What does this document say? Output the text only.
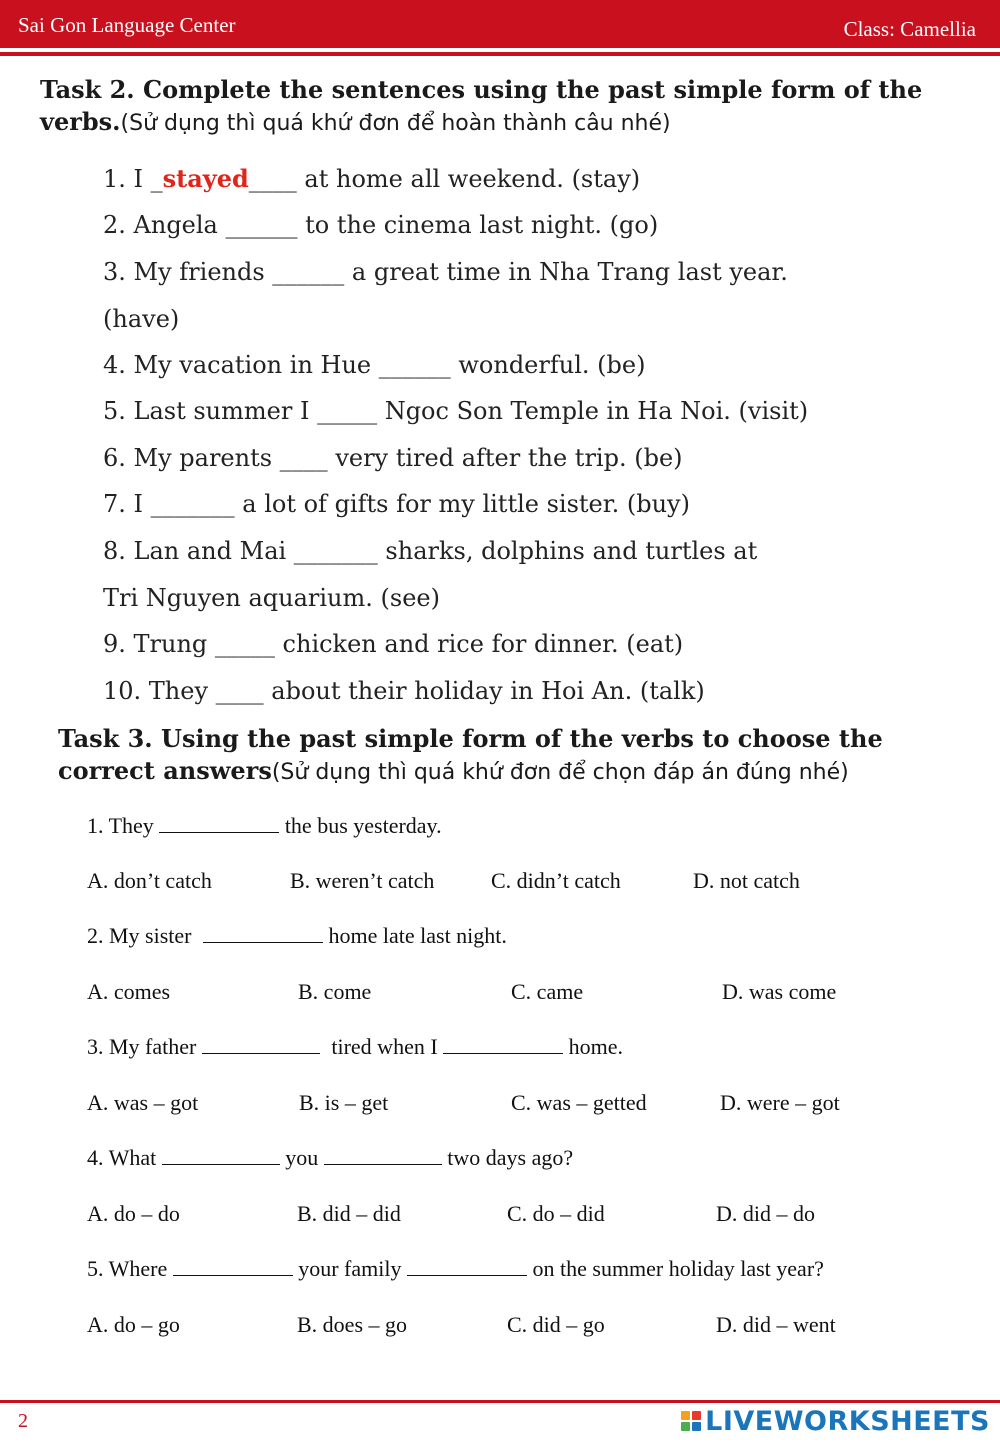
Sai Gon Language Center	Class: Camellia
Task 2. Complete the sentences using the past simple form of the verbs.(Sử dụng thì quá khứ đơn để hoàn thành câu nhé)
1. I _stayed____ at home all weekend. (stay)
2. Angela ______ to the cinema last night. (go)
3. My friends ______ a great time in Nha Trang last year.
(have)
4. My vacation in Hue ______ wonderful. (be)
5. Last summer I _____ Ngoc Son Temple in Ha Noi. (visit)
6. My parents ____ very tired after the trip. (be)
7. I _______ a lot of gifts for my little sister. (buy)
8. Lan and Mai _______ sharks, dolphins and turtles at
Tri Nguyen aquarium. (see)
9. Trung _____ chicken and rice for dinner. (eat)
10. They ____ about their holiday in Hoi An. (talk)
Task 3. Using the past simple form of the verbs to choose the correct answers(Sử dụng thì quá khứ đơn để chọn đáp án đúng nhé)
1. They	the bus yesterday.
A. don’t catch	B. weren’t catch	C. didn’t catch	D. not catch
2. My sister	home late last night.
A. comes	B. come	C. came	D. was come
3. My father	tired when I	home.
A. was – got	B. is – get	C. was – getted	D. were – got
4. What	you	two days ago?
A. do – do	B. did – did	C. do – did	D. did – do
5. Where	your family	on the summer holiday last year?
A. do – go	B. does – go	C. did – go	D. did – went
2	LIVEWORKSHEETS
